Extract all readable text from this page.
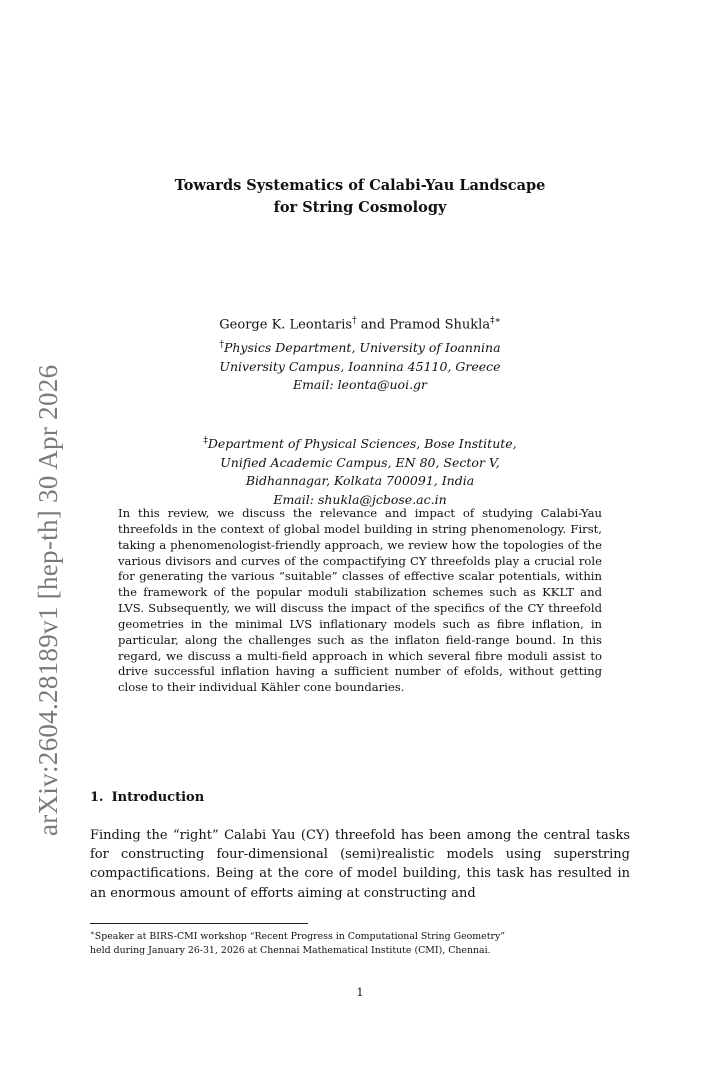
arXiv:2604.28189v1 [hep-th] 30 Apr 2026
Towards Systematics of Calabi-Yau Landscape
for String Cosmology
George K. Leontaris† and Pramod Shukla‡∗
†Physics Department, University of Ioannina
University Campus, Ioannina 45110, Greece
Email: leonta@uoi.gr
‡Department of Physical Sciences, Bose Institute,
Unified Academic Campus, EN 80, Sector V,
Bidhannagar, Kolkata 700091, India
Email: shukla@jcbose.ac.in
In this review, we discuss the relevance and impact of studying Calabi-Yau threefolds in the context of global model building in string phenomenology. First, taking a phenomenologist-friendly approach, we review how the topologies of the various divisors and curves of the compactifying CY threefolds play a crucial role for generating the various “suitable” classes of effective scalar potentials, within the framework of the popular moduli stabilization schemes such as KKLT and LVS. Subsequently, we will discuss the impact of the specifics of the CY threefold geometries in the minimal LVS inflationary models such as fibre inflation, in particular, along the challenges such as the inflaton field-range bound. In this regard, we discuss a multi-field approach in which several fibre moduli assist to drive successful inflation having a sufficient number of efolds, without getting close to their individual Kähler cone boundaries.
1. Introduction
Finding the “right” Calabi Yau (CY) threefold has been among the central tasks for constructing four-dimensional (semi)realistic models using superstring compactifications. Being at the core of model building, this task has resulted in an enormous amount of efforts aiming at constructing and
∗Speaker at BIRS-CMI workshop “Recent Progress in Computational String Geometry”
held during January 26-31, 2026 at Chennai Mathematical Institute (CMI), Chennai.
1
